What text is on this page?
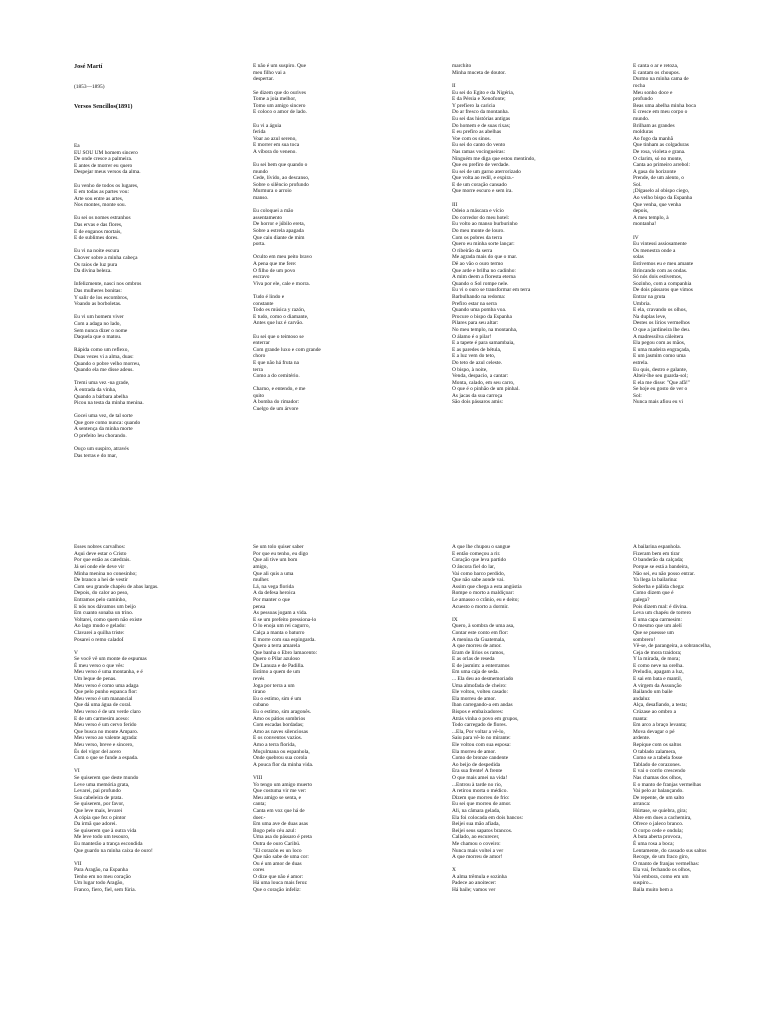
José Martí

(1853—1895)

Versos Sencillos(1891)

Ea
EU SOU UM homem sincero
De onde cresce a palmeira.
E antes de morrer eu quero
Despejar meus versos da alma.

Eu venho de todos os lugares,
E em todas as partes vou:
Arte sou entre as artes,
Nos montes, monte sou.

Eu sei os nomes estranhos
Das ervas e das flores,
E de enganos mortais,
E de sublimes dores.

Eu vi na noite escura
Chover sobre a minha cabeça
Os raios de luz pura
Da divina beleza.

Infelizmente, nasci nos ombros
Das mulheres bonitas:
Y salir de los escombros,
Voando as borboletas.

Eu vi um homem viver
Com a adaga no lado,
Sem nunca dizer o nome
Daquela que o matou.

Rápida como um reflexo,
Duas vezes vi a alma, duas:
Quando o pobre velho morreu,
Quando ela me disse adeus.

Tremi uma vez -na grade,
À entrada da vinha,
Quando a bárbara abelha
Picou na testa da minha menina.

Gocei uma vez, de tal sorte
Que gore como nunca: quando
A sentença da minha morte
O prefeito leu chorando.

Ouço um suspiro, através
Das terras e do mar,

E não é um suspiro. Que
meu filho vai a
despertar.

Se dizem que do ourives
Tome a joia melhor,
Tomo um amigo sincero
E coloco o amor de lado.

Eu vi a águia
ferida
Voar ao azul sereno,
E morrer em sua toca
A víbora do veneno.

Eu sei bem que quando o
mundo
Cede, lívido, ao descanso,
Sobre o silêncio profundo
Murmura o arroio
manso.

Eu coloquei a mão
assentamento
De horror e júbilo ereta,
Sobre a estrela apagada
Que caiu diante de mim
porta.

Oculto em meu peito bravo
A pena que me fere:
O filho de um povo
escravo
Viva por ele, cale e morra.

Tudo é lindo e
constante
Todo es música y razón,
E tudo, como o diamante,
Antes que luz é carvão.

Eu sei que o teimoso se
enterrar
Com grande luxo e com grande
choro
E que não há fruta na
terra
Como a do cemitério.

Charno, e entendo, e me
quito
A bomba do rimador:
Cuelgo de um árvore

marchito
Minha muceta de doutor.

II
Eu sei do Egito e da Nigéria,
E da Pérsia e Xenofonte;
Y prefiero la caricia
Do ar fresco da montanha.
Eu sei das histórias antigas
Do homem e de suas rixas;
E eu prefiro as abelhas
Voe com os sinos.
Eu sei do canto do vento
Nas ramas vocingueiras:
Ninguém me diga que estou mentindo,
Que eu prefiro de verdade.
Eu sei de um garno aterrorizado
Que volta ao redil, e expira.-
E de um coração cansado
Que morre escuro e sem ira.

III
Odeio a máscara e vício
Do corredor do meu hotel:
Eu volto ao manso burburinho
Do meu monte de louro.
Com os pobres da terra
Quero eu minha sorte lançar:
O ribeirão da serra
Me agrada mais do que o mar.
Dê ao vão o ouro termo
Que arde e brilha no cadinho:
A mim deem a floresta eterna
Quando o Sol rompe nele.
Eu vi o ouro se transformar em terra
Barbulhando na redoma:
Prefiro estar na serra
Quando uma pomba voa.
Procure o bispo da Espanha
Pilares para seu altar:
No meu templo, na montanha,
O álamo é o pilar!
E a tapete é para samambaia,
E as paredes de bétula,
E a luz vem do teto,
Do teto de azul celeste.
O bispo, à noite,
Venda, despacio, a cantar:
Monta, calado, em seu carro,
O que é o pinhão de um pinhal.
As jacas da sua carroça
São dois pássaros amis:

E canta o ar e retoza,
E cantam os choupos.
Durmo na minha cama de
rocha
Meu sonho doce e
profundo
Beas uma abelha minha boca
E cresce em meu corpo o
mundo.
Brilham as grandes
molduras
Ao fogo da manhã
Que tinham as colgaduras
De rosa, violeta e grana.
O clarim, só no monte,
Canta ao primeiro arrebol:
A gasa do horizonte
Prende, de um alento, o
Sol.
¡Dígaselo al obispo ciego,
Ao velho bispo da Espanha
Que venha, que venha
depois,
A meu templo, à
montanha!

IV
Eu vintessi assiosamente
Os menestra onde a
solas
Estivemos eu e meu amante
Brincando com as ondas.
Só nós dois estivemos,
Sozinho, com a companhia
De dois pássaros que vimos
Entrar na gruta
Umbria.
E ela, cravando os olhos,
Na duplas leve,
Destes os lírios vermelhos
O que a jardineira lhe deu.
A madressilva cáleitera
Ela pegou com as mãos,
E uma madeira engraçada,
E um jasmim como uma
estrela.
Eu quis, destro e galante,
Alteir-lhe seu guarda-sol;
E ela me disse: "Que afã!"
Se hoje eu gosto de ver o
Sol:
Nunca mais afiou eu vi

Esses nobres carvalhos:
Aqui deve estar o Cristo
Por que estão as catedrais.
Já sei onde ele deve vir
Minha menina no conesinho;
De branco a hei de vestir
Com seu grande chapéu de abas largas.
Depois, do calor ao peso,
Entramos pelo caminho,
E nós nos dávamos um beijo
Em cuanto sonaba un trino.
Voltarei, como quem não existe
Ao lago mudo e gelado:
Clavarei a quilha triste:
Posarei o remo caladoI

V
Se você vê um monte de espumas
É meu verso o que vês:
Meu verso é uma montanha, e é
Um leque de penas.
Meu verso é como uma adaga
Que pelo punho espanca flor:
Meu verso é um manancial
Que dá uma água de coral.
Meu verso é de um verde claro
E de um carmesim aceso:
Meu verso é um cervo ferido
Que busca no monte Amparo.
Meu verso ao valente agrada:
Meu verso, breve e sincero,
És del vigor del acero
Com o que se funde a espada.

VI
Se quiserem que deste mundo
Leve uma memória grata,
Levarei, pai profundo
Sua cabeleira de prata.
Se quiserem, por favor,
Que leve mais, levarei
A cópia que fez o pintor
Da irmã que adorei.
Se quiserem que à outra vida
Me leve todo um tesouro,
Eu manterão a trança escondida
Que guardo na minha caixa de ouro!

VII
Para Aragão, na Espanha
Tenho em no meu coração
Um lugar todo Aragão,
Franco, fiero, fiel, sem fúria.

Se um tolo quiser saber
Por que eu tenho, eu digo
Que ali tive um bom
amigo,
Que ali quis a uma
mulher.
Lá, na vega florida
A da defesa heroica
Por manter o que
pensa
As pessoas jogam a vida.
E se um prefeito pressiona-lo
O lo enoja um rei cagurro,
Calça a manta o baturro
E morre com sua espingarda.
Quero a terra amarela
Que banha o Ebro lamacento:
Quero o Pilar azuloso
De Lanuza e de Padilla.
Estimo a quem de um
revés
Joga por terra a um
tirano
Eu o estimo, sim é um
cubano
Eu o estimo, sim aragonês.
Amo os pátios sombrios
Com escadas bordadas;
Amo as naves silenciosas
E os conventos vazios.
Amo a terra florida,
Muçulmana ou espanhola,
Onde quebrou sua corola
A pouca flor da minha vida.

VIII
Yo tengo um amigo muerto
Que costuma vir me ver:
Meu amigo se senta, e
canta;
Canta em voz que há de
doer.-
Em uma ave de duas asas
Bogo pelo céu azul:
Uma asa do pássaro é preta
Outra de ouro Caribú.
"El corazón es un loco
Que não sabe de uma cor:
Ou é um amor de duas
cores
O dize que não é amor:
Há uma louca mais feroz
Que o coração infeliz:

A que lhe chupou o sangue
E então começou a rir.
Coração que leva partido
O âncora fiel do lar,
Vai como barco perdido,
Que não sabe aonde vai.
Assim que chega a esta angústia
Rompe o morto a maldiçoar:
Le amasso o crânio, eu e deito;
Acuesto o morto a dormir.

IX
Quero, à sombra de uma asa,
Contar este conto em flor:
A menina da Guatemala,
A que morreu de amor.
Eram de lírios os ramos,
E as orlas de reseda
E de jasmim: a enterramos
Em uma caja de seda.
... Ela deu ao desmemoriado
Uma almofada de cheiro:
Ele voltou, volteu casado:
Ela morreu de amor.
Iban carregando-a em andas
Bispos e embaixadores:
Atrás vinha o povo em grupos,
Todo carregado de flores.
...Ela, Por voltar a vê-lo,
Saiu para vê-lo no mirante:
Ele voltou com sua esposa:
Ela morreu de amor.
Como de bronze candente
Ao beijo de despedida
Era sua frente! A frente
O que mais amei na vida!
...Entrou à tarde no rio,
A retirou morta o médico.
Dizem que morreu de frio:
Eu sei que morreu de amor.
Ali, na câmara gelada,
Ela foi colocada em dois bancos:
Beijei sua mão afiada,
Beijei seus sapatos brancos.
Callado, ao escurecer,
Me chamou o coveiro:
Nunca mais voltei a ver
A que morreu de amor!

X
A alma trêmula e sozinha
Padece ao anoitecer:
Há baile; vamos ver

A bailarina espanhola.
Fizeram bem em tirar
O banderão da calçada;
Porque se está a bandeira,
Não sei, eu não posso entrar.
Ya llega la bailarina:
Soberba e pálida chega:
Como dizem que é
galega?
Pois dizem mal: é divina.
Leva um chapéu de torrero
E uma capa carmesim:
O mesmo que um alelí
Que se puessse um
sombrero!
Vê-se, de parangeira, a sobrancelha,
Ceja de mora traidora;
Y la mirada, de mora;
E como neve na orelha.
Preludio, apagam a luz,
E sai em bata e mantil,
A virgem da Assunção
Bailando um baile
andaluz
Alça, desafiando, a testa;
Crúzase ao ombro a
manta:
Em arco a braço levanta;
Mova devagar o pé
ardente.
Repique com os saltos
O tablado zalamera,
Como se a tabela fosse
Tablado de corazones.
E vai o corrlo crescendo
Nas chamas dos olhos,
E o manto de franjas vermelhas
Vai pelo ar balançando.
De repente, de um salto
arranca:
Húrtase, se quiebra, gira;
Abre em dues a cachemira,
Ofrece o jaleco branco.
O corpo cede e ondula;
A buta aberta provoca,
É uma rosa a boca;
Lentamente, do cassado sus saltos
Recoge, de um fraco giro,
O manto de franjas vermelhas:
Ela vai, fechando os olhos,
Vai embora, como em um
suspiro...
Baila muito bem a
